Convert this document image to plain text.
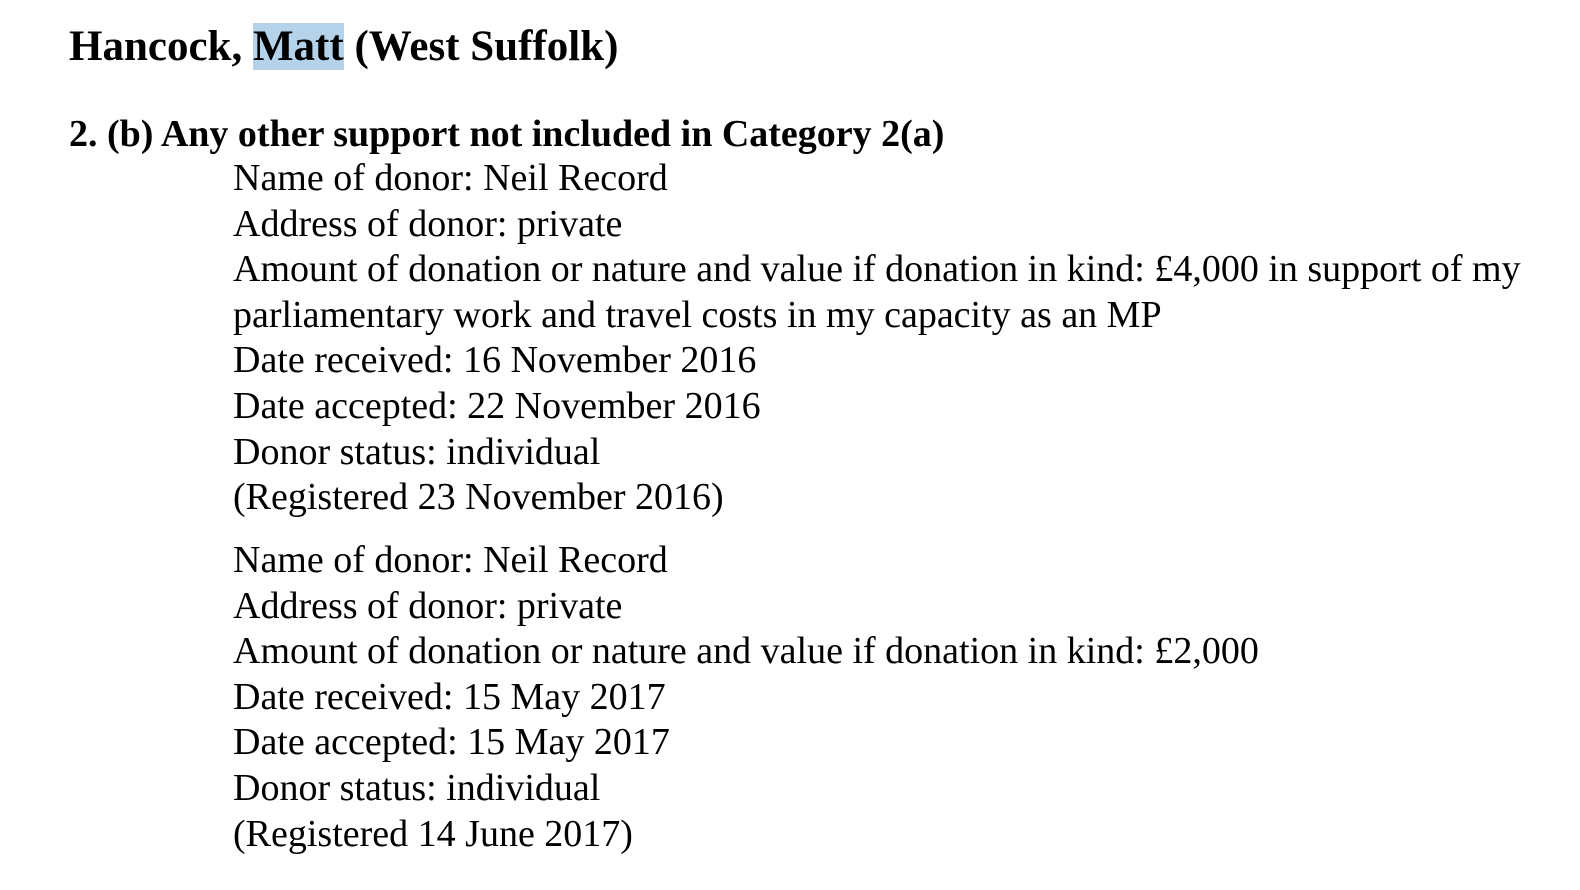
Hancock, Matt (West Suffolk)
2. (b) Any other support not included in Category 2(a)
Name of donor: Neil Record
Address of donor: private
Amount of donation or nature and value if donation in kind: £4,000 in support of my parliamentary work and travel costs in my capacity as an MP
Date received: 16 November 2016
Date accepted: 22 November 2016
Donor status: individual
(Registered 23 November 2016)
Name of donor: Neil Record
Address of donor: private
Amount of donation or nature and value if donation in kind: £2,000
Date received: 15 May 2017
Date accepted: 15 May 2017
Donor status: individual
(Registered 14 June 2017)
